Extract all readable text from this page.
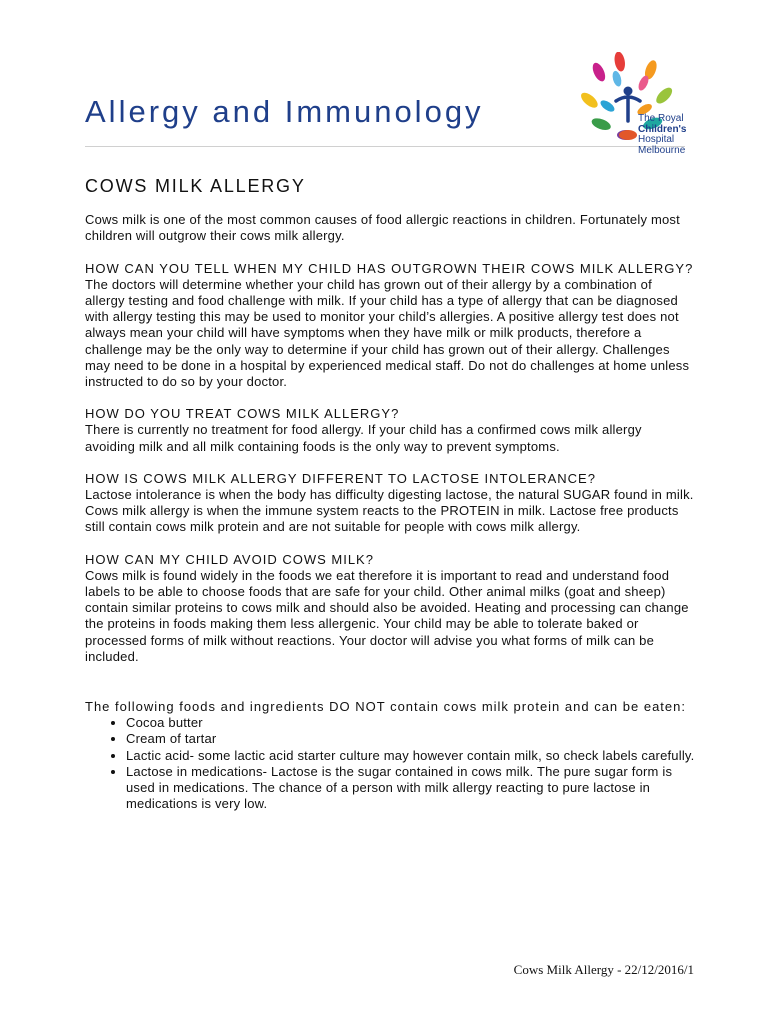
Allergy and Immunology	The Royal
Children's
Hospital
Melbourne
COWS MILK ALLERGY

Cows milk is one of the most common causes of food allergic reactions in children. Fortunately most children will outgrow their cows milk allergy.

HOW CAN YOU TELL WHEN MY CHILD HAS OUTGROWN THEIR COWS MILK ALLERGY?
The doctors will determine whether your child has grown out of their allergy by a combination of allergy testing and food challenge with milk. If your child has a type of allergy that can be diagnosed with allergy testing this may be used to monitor your child’s allergies. A positive allergy test does not always mean your child will have symptoms when they have milk or milk products, therefore a challenge may be the only way to determine if your child has grown out of their allergy. Challenges may need to be done in a hospital by experienced medical staff. Do not do challenges at home unless instructed to do so by your doctor.

HOW DO YOU TREAT COWS MILK ALLERGY?
There is currently no treatment for food allergy. If your child has a confirmed cows milk allergy avoiding milk and all milk containing foods is the only way to prevent symptoms.

HOW IS COWS MILK ALLERGY DIFFERENT TO LACTOSE INTOLERANCE?
Lactose intolerance is when the body has difficulty digesting lactose, the natural SUGAR found in milk. Cows milk allergy is when the immune system reacts to the PROTEIN in milk. Lactose free products still contain cows milk protein and are not suitable for people with cows milk allergy.

HOW CAN MY CHILD AVOID COWS MILK?
Cows milk is found widely in the foods we eat therefore it is important to read and understand food labels to be able to choose foods that are safe for your child. Other animal milks (goat and sheep) contain similar proteins to cows milk and should also be avoided. Heating and processing can change the proteins in foods making them less allergenic. Your child may be able to tolerate baked or processed forms of milk without reactions. Your doctor will advise you what forms of milk can be included.

The following foods and ingredients DO NOT contain cows milk protein and can be eaten:
• Cocoa butter
• Cream of tartar
• Lactic acid- some lactic acid starter culture may however contain milk, so check labels carefully.
• Lactose in medications- Lactose is the sugar contained in cows milk. The pure sugar form is used in medications. The chance of a person with milk allergy reacting to pure lactose in medications is very low.
Cows Milk Allergy - 22/12/2016/1
